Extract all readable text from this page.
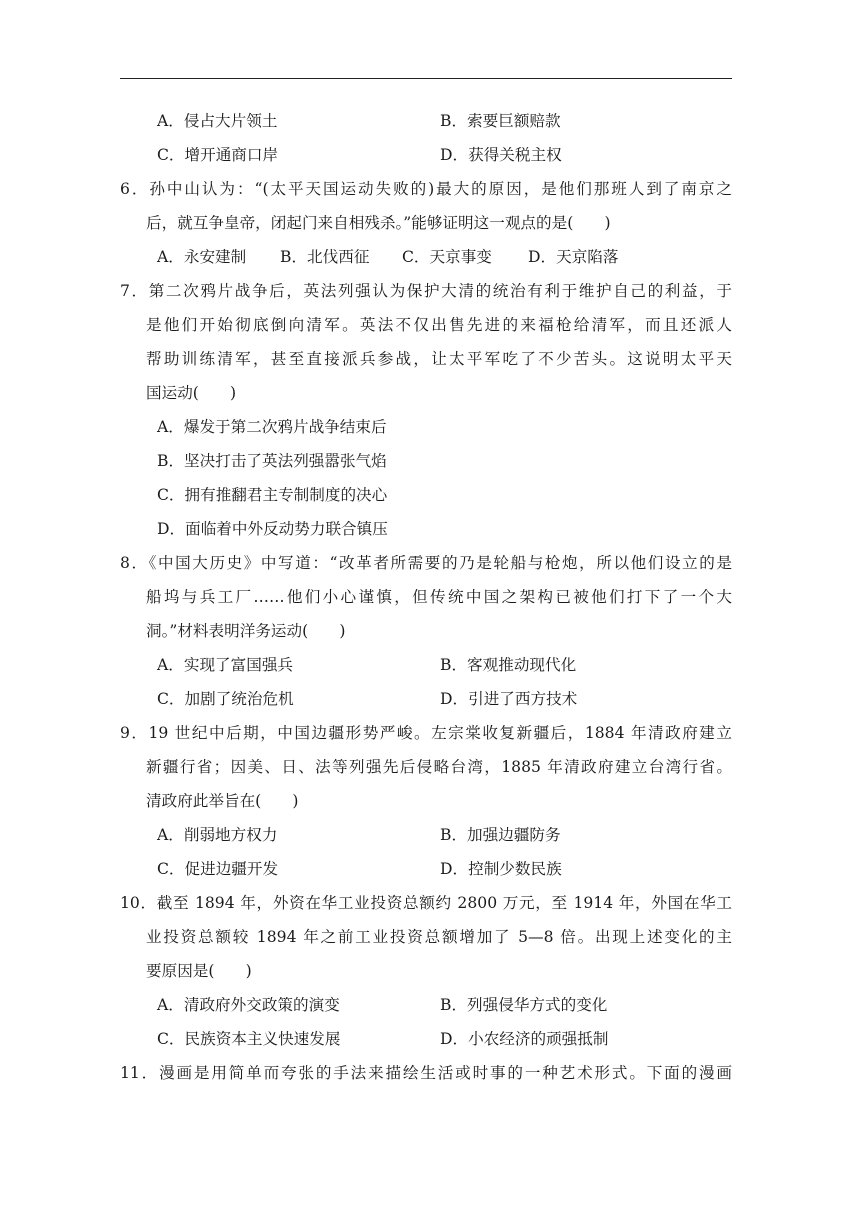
A．侵占大片领土	B．索要巨额赔款
C．增开通商口岸	D．获得关税主权
6．孙中山认为：“(太平天国运动失败的)最大的原因，是他们那班人到了南京之
后，就互争皇帝，闭起门来自相残杀。”能够证明这一观点的是(　　)
A．永安建制 B．北伐西征 C．天京事变 D．天京陷落
7．第二次鸦片战争后，英法列强认为保护大清的统治有利于维护自己的利益，于
是他们开始彻底倒向清军。英法不仅出售先进的来福枪给清军，而且还派人
帮助训练清军，甚至直接派兵参战，让太平军吃了不少苦头。这说明太平天
国运动(　　)
A．爆发于第二次鸦片战争结束后
B．坚决打击了英法列强嚣张气焰
C．拥有推翻君主专制制度的决心
D．面临着中外反动势力联合镇压
8．《中国大历史》中写道：“改革者所需要的乃是轮船与枪炮，所以他们设立的是
船坞与兵工厂……他们小心谨慎，但传统中国之架构已被他们打下了一个大
洞。”材料表明洋务运动(　　)
A．实现了富国强兵	B．客观推动现代化
C．加剧了统治危机	D．引进了西方技术
9．19 世纪中后期，中国边疆形势严峻。左宗棠收复新疆后，1884 年清政府建立
新疆行省；因美、日、法等列强先后侵略台湾，1885 年清政府建立台湾行省。
清政府此举旨在(　　)
A．削弱地方权力	B．加强边疆防务
C．促进边疆开发	D．控制少数民族
10．截至 1894 年，外资在华工业投资总额约 2800 万元，至 1914 年，外国在华工
业投资总额较 1894 年之前工业投资总额增加了 5—8 倍。出现上述变化的主
要原因是(　　)
A．清政府外交政策的演变	B．列强侵华方式的变化
C．民族资本主义快速发展	D．小农经济的顽强抵制
11．漫画是用简单而夸张的手法来描绘生活或时事的一种艺术形式。下面的漫画
